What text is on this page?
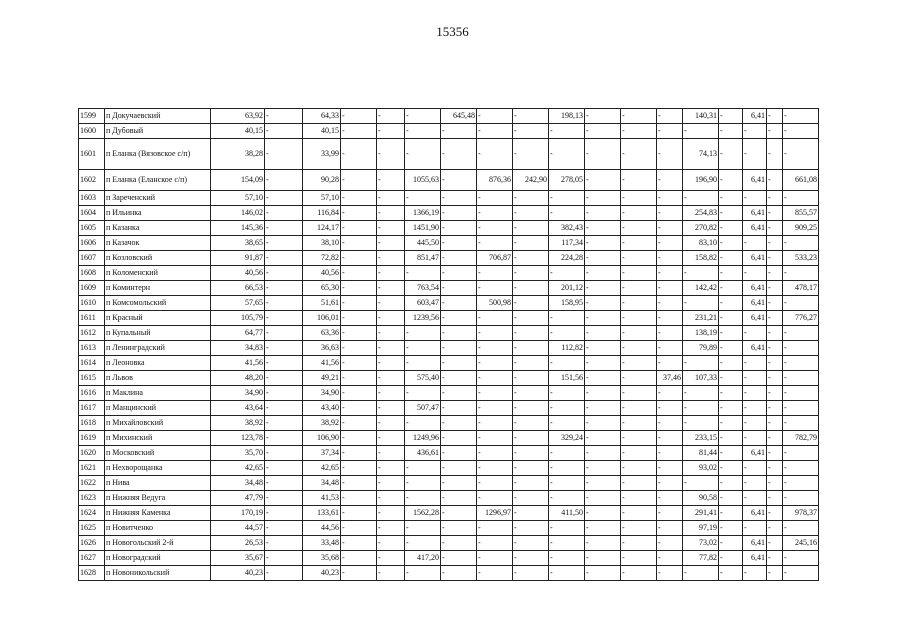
15356
1599	п Докучаевский	63,92	-	64,33	-	-	-	645,48	-	-	198,13	-	-	-	140,31	-	6,41	-	-
1600	п Дубовый	40,15	-	40,15	-	-	-	-	-	-	-	-	-	-	-	-	-	-	-
1601	п Еланка (Вязовское с/п)	38,28	-	33,99	-	-	-	-	-	-	-	-	-	-	74,13	-	-	-	-
1602	п Еланка (Еланское с/п)	154,09	-	90,28	-	-	1055,63	-	876,36	242,90	278,05	-	-	-	196,90	-	6,41	-	661,08
1603	п Зареченский	57,10	-	57,10	-	-	-	-	-	-	-	-	-	-	-	-	-	-	-
1604	п Ильинка	146,02	-	116,84	-	-	1366,19	-	-	-	-	-	-	-	254,83	-	6,41	-	855,57
1605	п Казанка	145,36	-	124,17	-	-	1451,90	-	-	-	382,43	-	-	-	270,82	-	6,41	-	909,25
1606	п Казачок	38,65	-	38,10	-	-	445,50	-	-	-	117,34	-	-	-	83,10	-	-	-	-
1607	п Козловский	91,87	-	72,82	-	-	851,47	-	706,87	-	224,28	-	-	-	158,82	-	6,41	-	533,23
1608	п Коломенский	40,56	-	40,56	-	-	-	-	-	-	-	-	-	-	-	-	-	-	-
1609	п Коминтерн	66,53	-	65,30	-	-	763,54	-	-	-	201,12	-	-	-	142,42	-	6,41	-	478,17
1610	п Комсомольский	57,65	-	51,61	-	-	603,47	-	500,98	-	158,95	-	-	-	-	-	6,41	-	-
1611	п Красный	105,79	-	106,01	-	-	1239,56	-	-	-	-	-	-	-	231,21	-	6,41	-	776,27
1612	п Купальный	64,77	-	63,36	-	-	-	-	-	-	-	-	-	-	138,19	-	-	-	-
1613	п Ленинградский	34,83	-	36,63	-	-	-	-	-	-	112,82	-	-	-	79,89	-	6,41	-	-
1614	п Леоновка	41,56	-	41,56	-	-	-	-	-	-	-	-	-	-	-	-	-	-	-
1615	п Львов	48,20	-	49,21	-	-	575,40	-	-	-	151,56	-	-	37,46	107,33	-	-	-	-
1616	п Маклина	34,90	-	34,90	-	-	-	-	-	-	-	-	-	-	-	-	-	-	-
1617	п Манцинский	43,64	-	43,40	-	-	507,47	-	-	-	-	-	-	-	-	-	-	-	-
1618	п Михайловский	38,92	-	38,92	-	-	-	-	-	-	-	-	-	-	-	-	-	-	-
1619	п Михинский	123,78	-	106,90	-	-	1249,96	-	-	-	329,24	-	-	-	233,15	-	-	-	782,79
1620	п Московский	35,70	-	37,34	-	-	436,61	-	-	-	-	-	-	-	81,44	-	6,41	-	-
1621	п Нехворощанка	42,65	-	42,65	-	-	-	-	-	-	-	-	-	-	93,02	-	-	-	-
1622	п Нива	34,48	-	34,48	-	-	-	-	-	-	-	-	-	-	-	-	-	-	-
1623	п Нижняя Ведуга	47,79	-	41,53	-	-	-	-	-	-	-	-	-	-	90,58	-	-	-	-
1624	п Нижняя Каменка	170,19	-	133,61	-	-	1562,28	-	1296,97	-	411,50	-	-	-	291,41	-	6,41	-	978,37
1625	п Новитченко	44,57	-	44,56	-	-	-	-	-	-	-	-	-	-	97,19	-	-	-	-
1626	п Новогольский 2-й	26,53	-	33,48	-	-	-	-	-	-	-	-	-	-	73,02	-	6,41	-	245,16
1627	п Новоградский	35,67	-	35,68	-	-	417,20	-	-	-	-	-	-	-	77,82	-	6,41	-	-
1628	п Новоникольский	40,23	-	40,23	-	-	-	-	-	-	-	-	-	-	-	-	-	-	-
